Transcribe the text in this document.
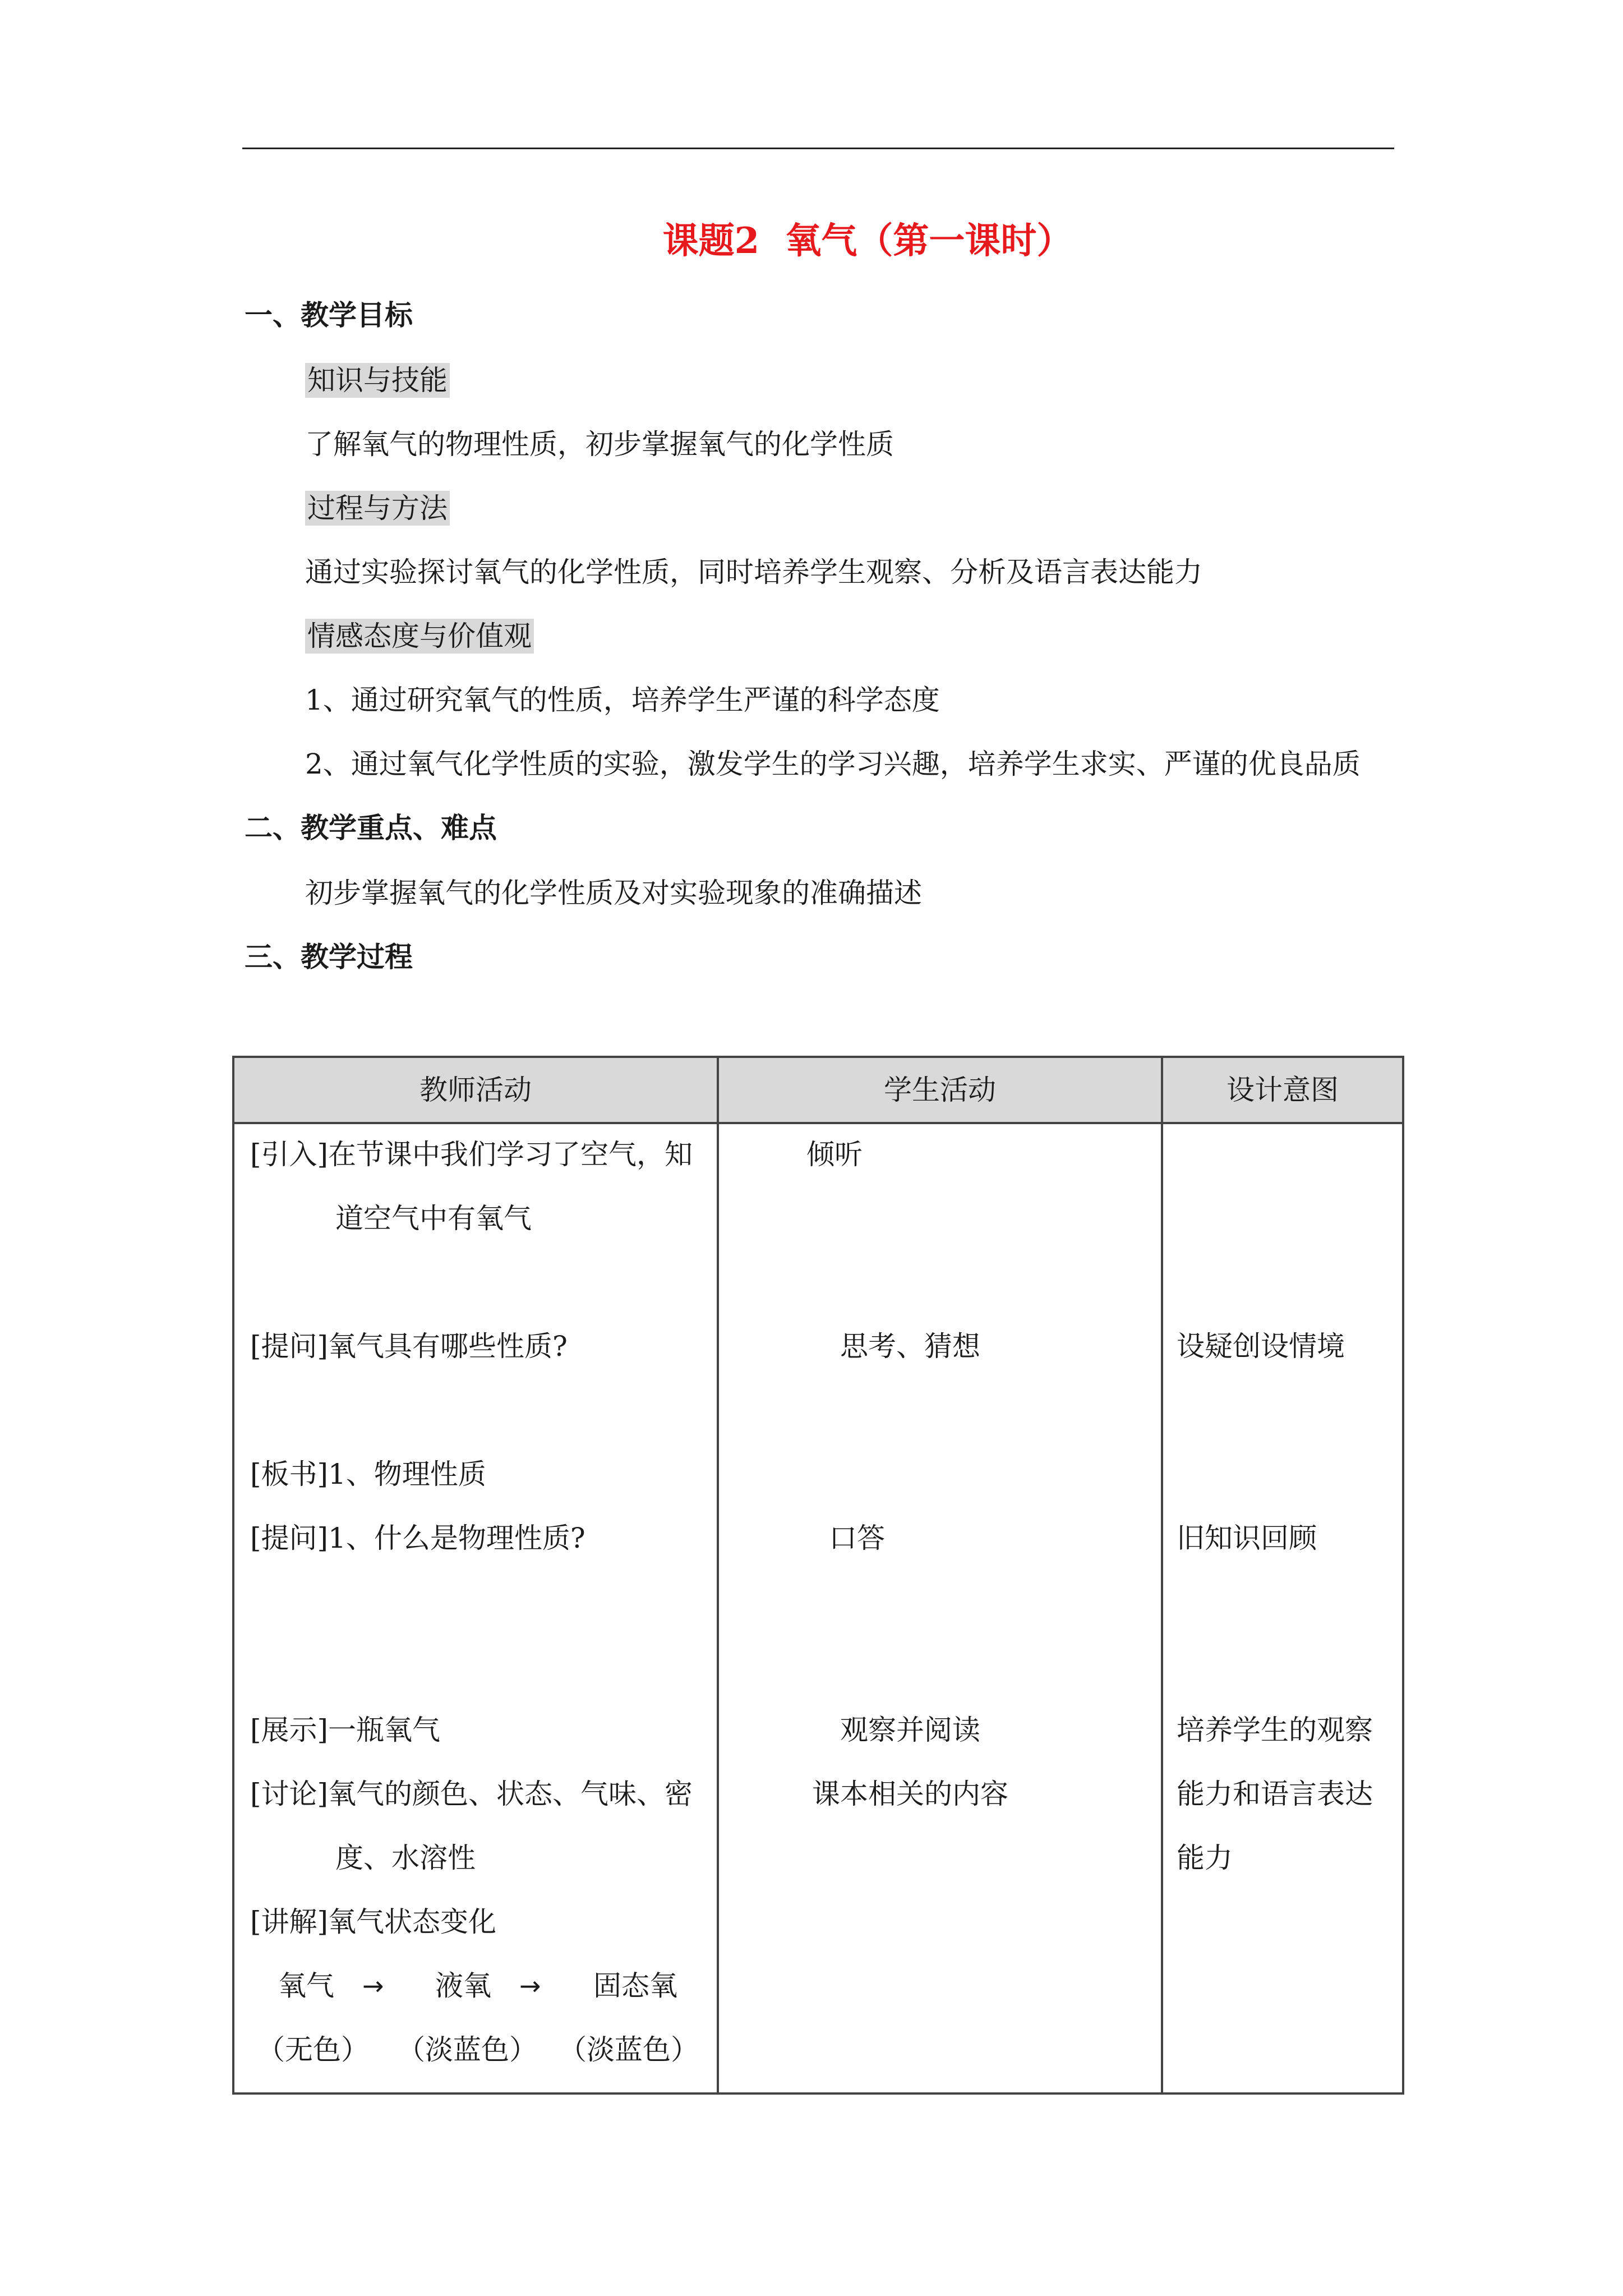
课题2 氧气（第一课时）
一、教学目标
知识与技能
了解氧气的物理性质，初步掌握氧气的化学性质
过程与方法
通过实验探讨氧气的化学性质，同时培养学生观察、分析及语言表达能力
情感态度与价值观
1、通过研究氧气的性质，培养学生严谨的科学态度
2、通过氧气化学性质的实验，激发学生的学习兴趣，培养学生求实、严谨的优良品质
二、教学重点、难点
初步掌握氧气的化学性质及对实验现象的准确描述
三、教学过程
教师活动	学生活动	设计意图
[引入]在节课中我们学习了空气，知
道空气中有氧气
[提问]氧气具有哪些性质?
[板书]1、物理性质
[提问]1、什么是物理性质?
[展示]一瓶氧气
[讨论]氧气的颜色、状态、气味、密
度、水溶性
[讲解]氧气状态变化
氧气 → 液氧 → 固态氧
（无色） （淡蓝色） （淡蓝色）
倾听
思考、猜想
口答
观察并阅读
课本相关的内容
设疑创设情境
旧知识回顾
培养学生的观察
能力和语言表达
能力
